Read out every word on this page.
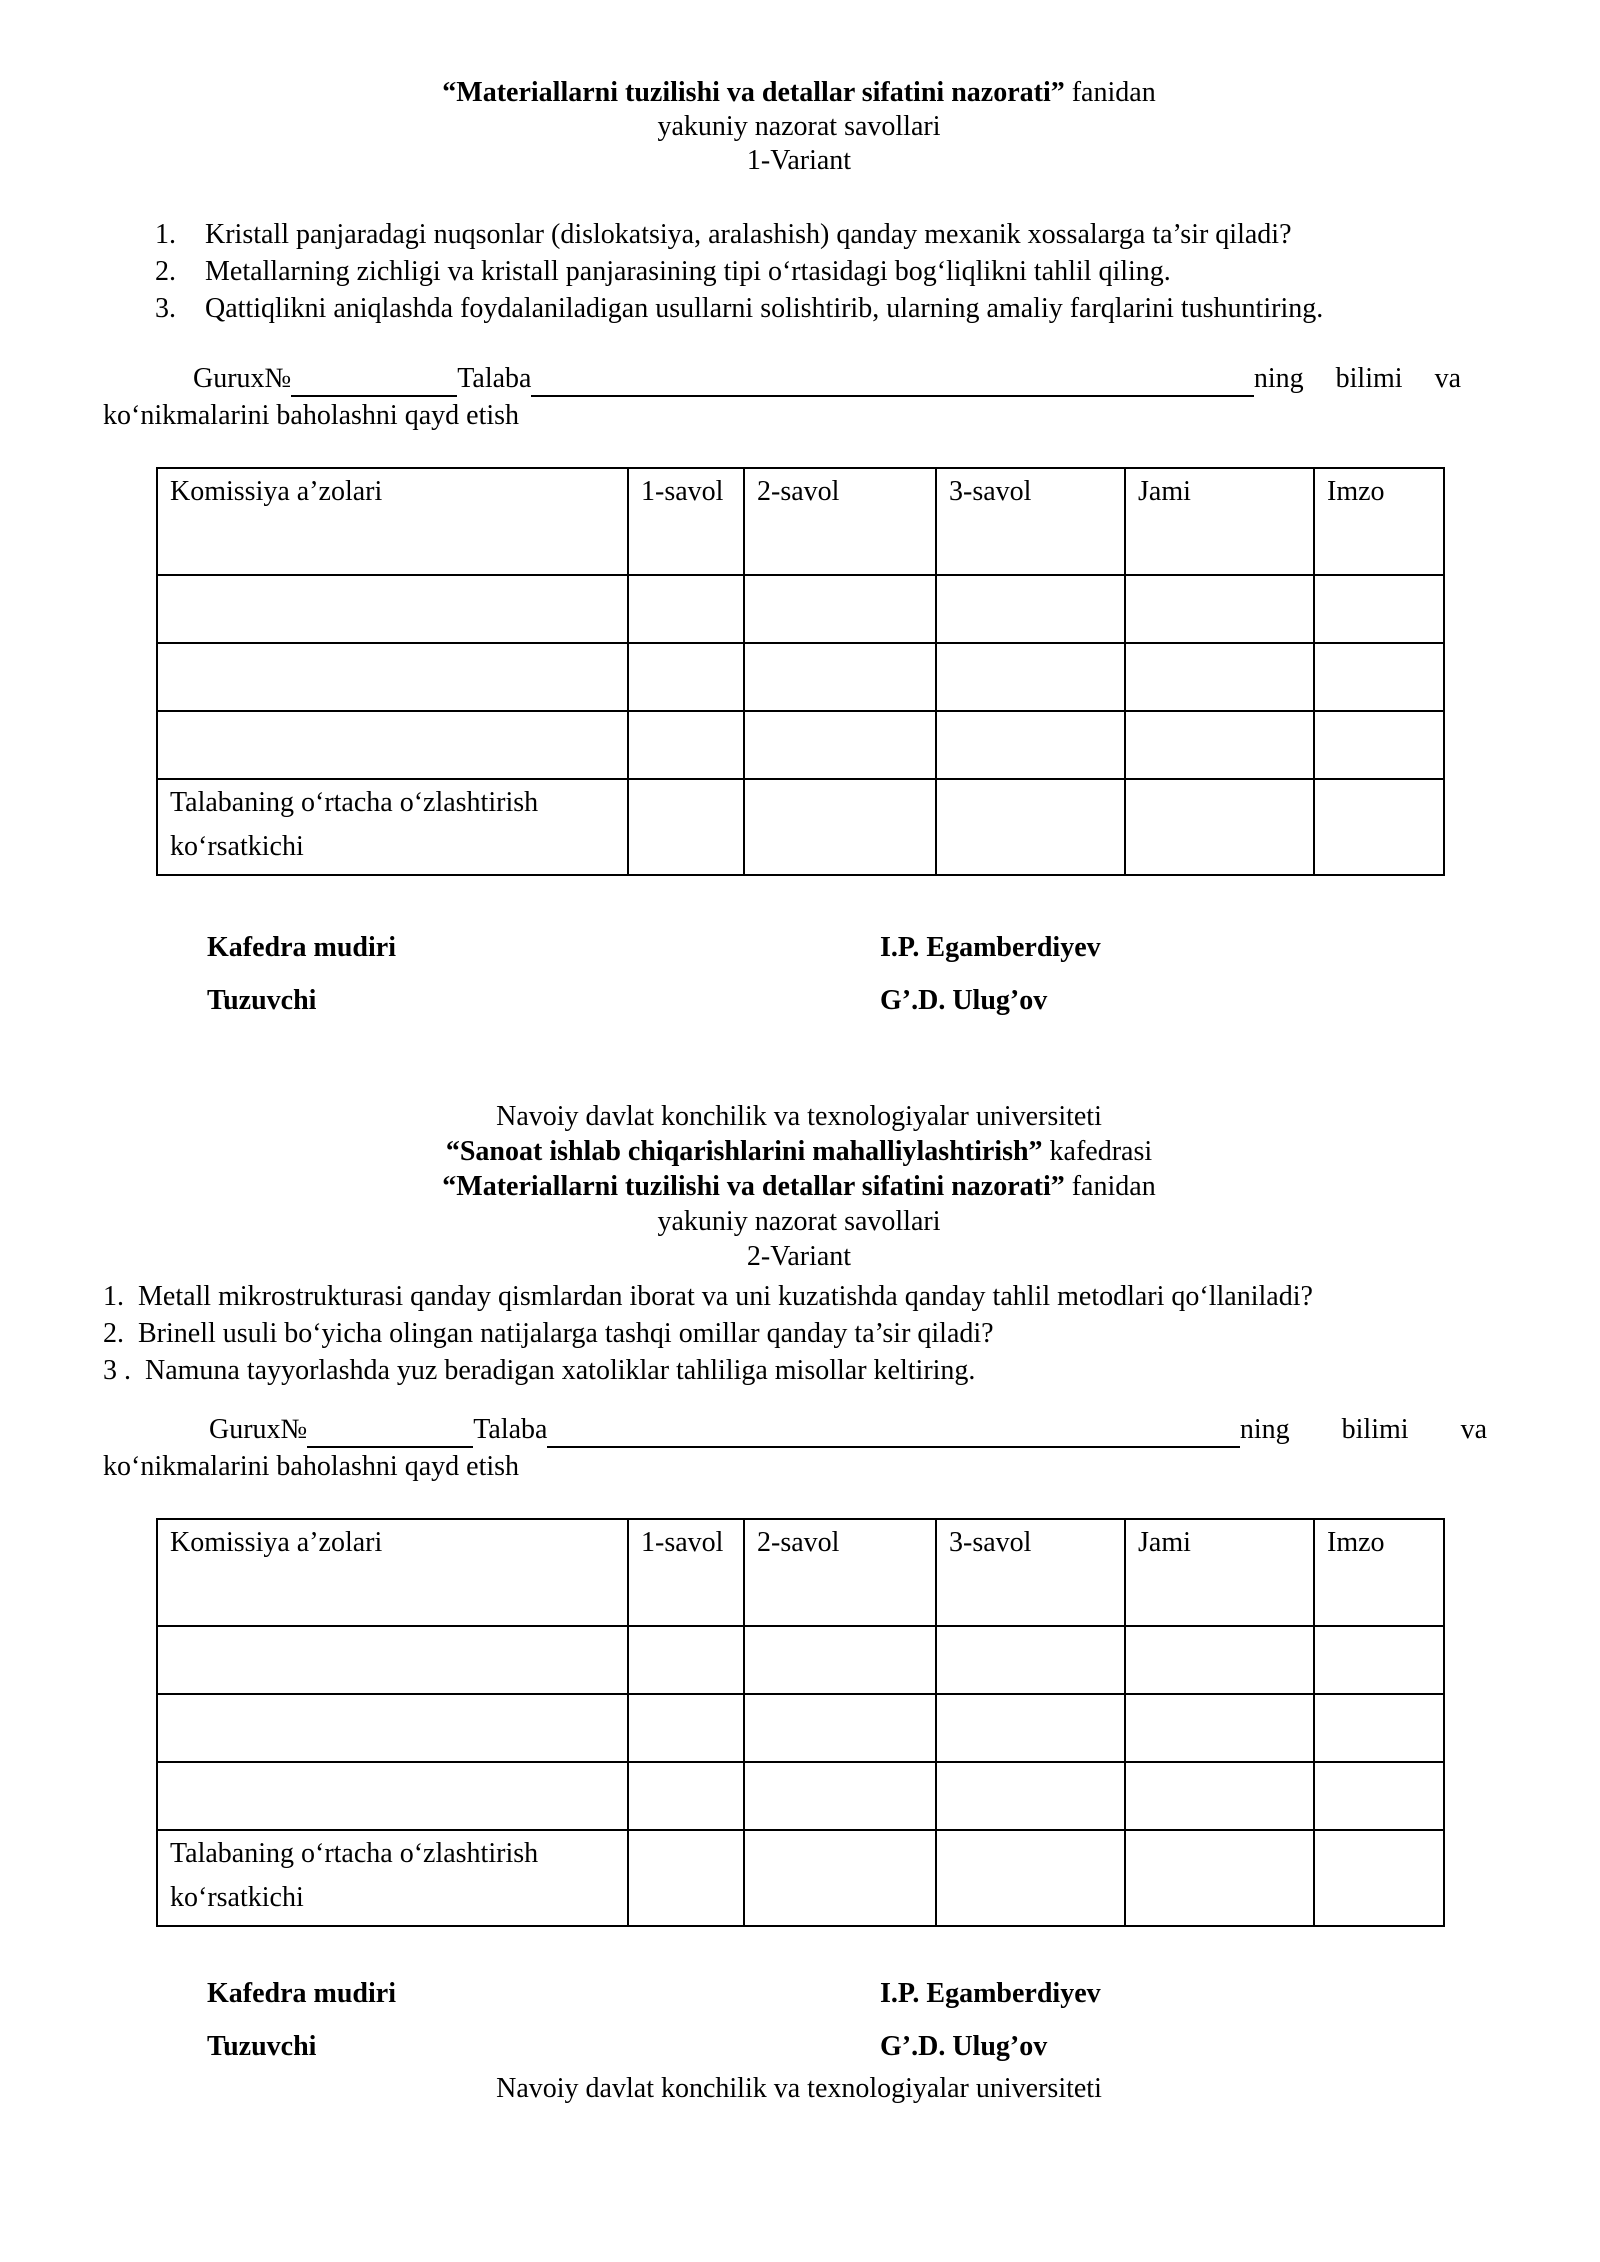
“Materiallarni tuzilishi va detallar sifatini nazorati” fanidan
yakuniy nazorat savollari
1-Variant
1. Kristall panjaradagi nuqsonlar (dislokatsiya, aralashish) qanday mexanik xossalarga ta’sir qiladi?
2. Metallarning zichligi va kristall panjarasining tipi o‘rtasidagi bog‘liqlikni tahlil qiling.
3. Qattiqlikni aniqlashda foydalaniladigan usullarni solishtirib, ularning amaliy farqlarini tushuntiring.
Gurux№	Talaba	ning bilimi va
ko‘nikmalarini baholashni qayd etish
Komissiya a’zolari	1-savol	2-savol	3-savol	Jami	Imzo

Talabaning o‘rtacha o‘zlashtirish ko‘rsatkichi					
Kafedra mudiri	I.P. Egamberdiyev
Tuzuvchi	G’.D. Ulug’ov
Navoiy davlat konchilik va texnologiyalar universiteti
“Sanoat ishlab chiqarishlarini mahalliylashtirish” kafedrasi
“Materiallarni tuzilishi va detallar sifatini nazorati” fanidan
yakuniy nazorat savollari
2-Variant

1. Metall mikrostrukturasi qanday qismlardan iborat va uni kuzatishda qanday tahlil metodlari qo‘llaniladi?

2. Brinell usuli bo‘yicha olingan natijalarga tashqi omillar qanday ta’sir qiladi?

3 . Namuna tayyorlashda yuz beradigan xatoliklar tahliliga misollar keltiring.

Gurux№	Talaba	ning bilimi va
ko‘nikmalarini baholashni qayd etish
Komissiya a’zolari	1-savol	2-savol	3-savol	Jami	Imzo

Talabaning o‘rtacha o‘zlashtirish ko‘rsatkichi					
Kafedra mudiri	I.P. Egamberdiyev
Tuzuvchi	G’.D. Ulug’ov
Navoiy davlat konchilik va texnologiyalar universiteti
